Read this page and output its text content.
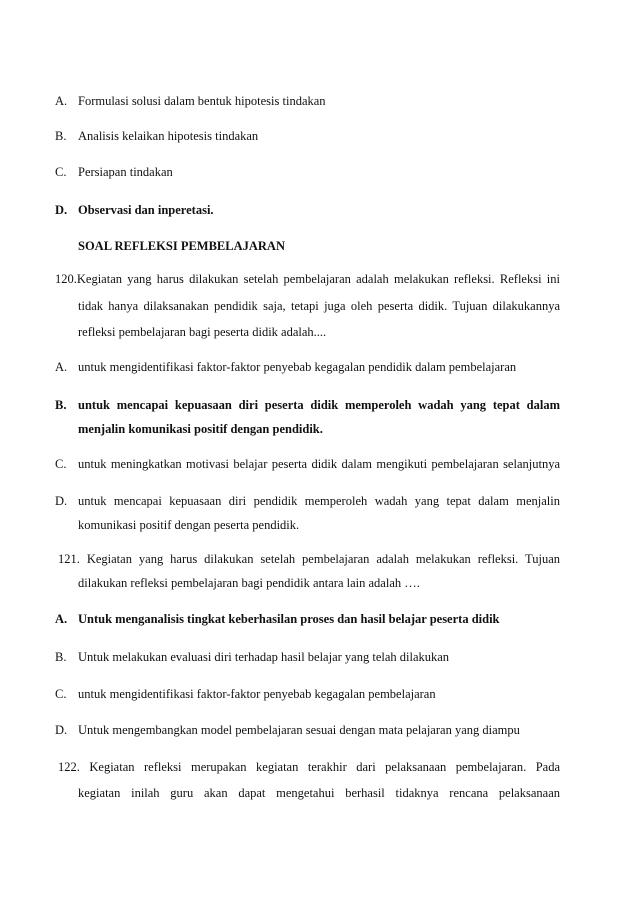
A. Formulasi solusi dalam bentuk hipotesis tindakan
B. Analisis kelaikan hipotesis tindakan
C. Persiapan tindakan
D. Observasi dan inperetasi.
SOAL REFLEKSI PEMBELAJARAN
120.Kegiatan yang harus dilakukan setelah pembelajaran adalah melakukan refleksi. Refleksi ini
tidak hanya dilaksanakan pendidik saja, tetapi juga oleh peserta didik. Tujuan dilakukannya
refleksi pembelajaran bagi peserta didik adalah....
A. untuk mengidentifikasi faktor-faktor penyebab kegagalan pendidik dalam pembelajaran
B. untuk mencapai kepuasaan diri peserta didik memperoleh wadah yang tepat dalam
menjalin komunikasi positif dengan pendidik.
C. untuk meningkatkan motivasi belajar peserta didik dalam mengikuti pembelajaran selanjutnya
D. untuk mencapai kepuasaan diri pendidik memperoleh wadah yang tepat dalam menjalin
komunikasi positif dengan peserta pendidik.
121. Kegiatan yang harus dilakukan setelah pembelajaran adalah melakukan refleksi. Tujuan
dilakukan refleksi pembelajaran bagi pendidik antara lain adalah ….
A. Untuk menganalisis tingkat keberhasilan proses dan hasil belajar peserta didik
B. Untuk melakukan evaluasi diri terhadap hasil belajar yang telah dilakukan
C. untuk mengidentifikasi faktor-faktor penyebab kegagalan pembelajaran
D. Untuk mengembangkan model pembelajaran sesuai dengan mata pelajaran yang diampu
122. Kegiatan refleksi merupakan kegiatan terakhir dari pelaksanaan pembelajaran. Pada
kegiatan inilah guru akan dapat mengetahui berhasil tidaknya rencana pelaksanaan
